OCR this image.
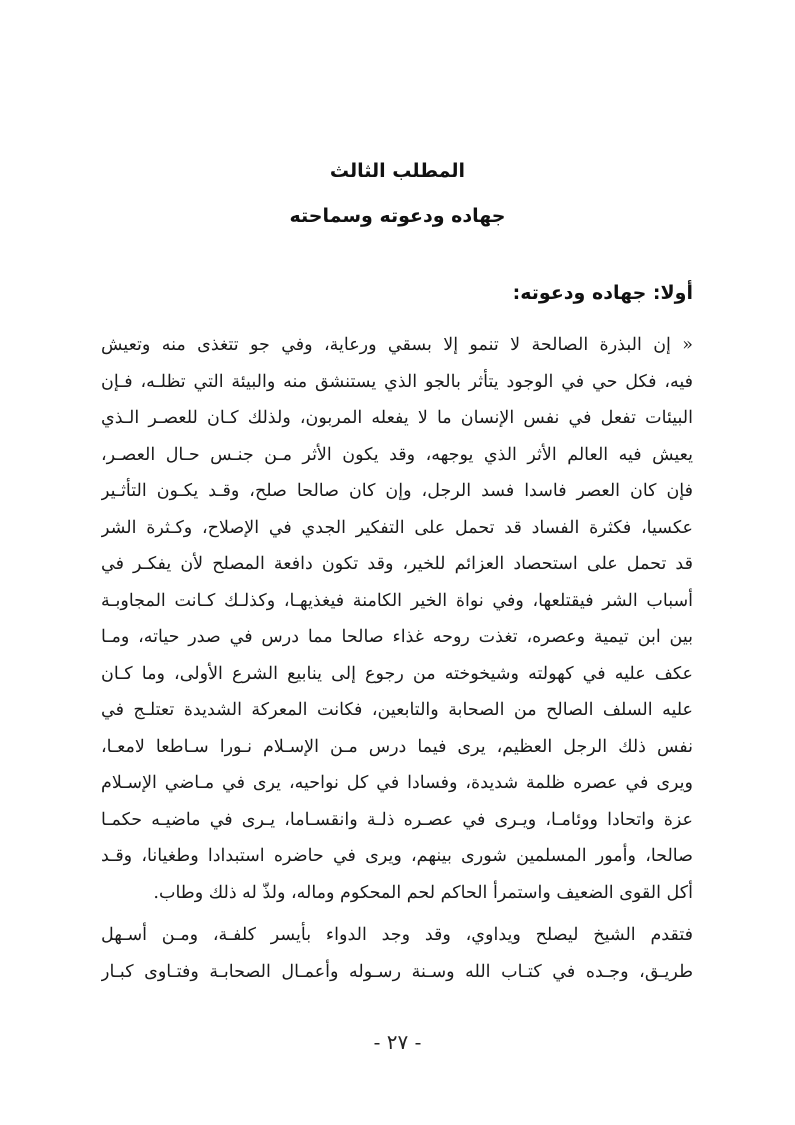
المطلب الثالث
جهاده ودعوته وسماحته
أولا: جهاده ودعوته:
« إن البذرة الصالحة لا تنمو إلا بسقي ورعاية، وفي جو تتغذى منه وتعيش
فيه، فكل حي في الوجود يتأثر بالجو الذي يستنشق منه والبيئة التي تظلـه، فـإن
البيئات تفعل في نفس الإنسان ما لا يفعله المربون، ولذلك كـان للعصـر الـذي
يعيش فيه العالم الأثر الذي يوجهه، وقد يكون الأثر مـن جنـس حـال العصـر،
فإن كان العصر فاسدا فسد الرجل، وإن كان صالحا صلح، وقـد يكـون التأثـير
عكسيا، فكثرة الفساد قد تحمل على التفكير الجدي في الإصلاح، وكـثرة الشر
قد تحمل على استحصاد العزائم للخير، وقد تكون دافعة المصلح لأن يفكـر في
أسباب الشر فيقتلعها، وفي نواة الخير الكامنة فيغذيهـا، وكذلـك كـانت المجاوبـة
بين ابن تيمية وعصره، تغذت روحه غذاء صالحا مما درس في صدر حياته، ومـا
عكف عليه في كهولته وشيخوخته من رجوع إلى ينابيع الشرع الأولى، وما كـان
عليه السلف الصالح من الصحابة والتابعين، فكانت المعركة الشديدة تعتلـج في
نفس ذلك الرجل العظيم، يرى فيما درس مـن الإسـلام نـورا سـاطعا لامعـا،
ويرى في عصره ظلمة شديدة، وفسادا في كل نواحيه، يرى في مـاضي الإسـلام
عزة واتحادا ووئامـا، ويـرى في عصـره ذلـة وانقسـاما، يـرى في ماضيـه حكمـا
صالحا، وأمور المسلمين شورى بينهم، ويرى في حاضره استبدادا وطغيانا، وقـد
أكل القوى الضعيف واستمرأ الحاكم لحم المحكوم وماله، ولذّ له ذلك وطاب.
فتقدم الشيخ ليصلح ويداوي، وقد وجد الدواء بأيسر كلفـة، ومـن أسـهل
طريـق، وجـده في كتـاب الله وسـنة رسـوله وأعمـال الصحابـة وفتـاوى كبـار
- ٢٧ -
